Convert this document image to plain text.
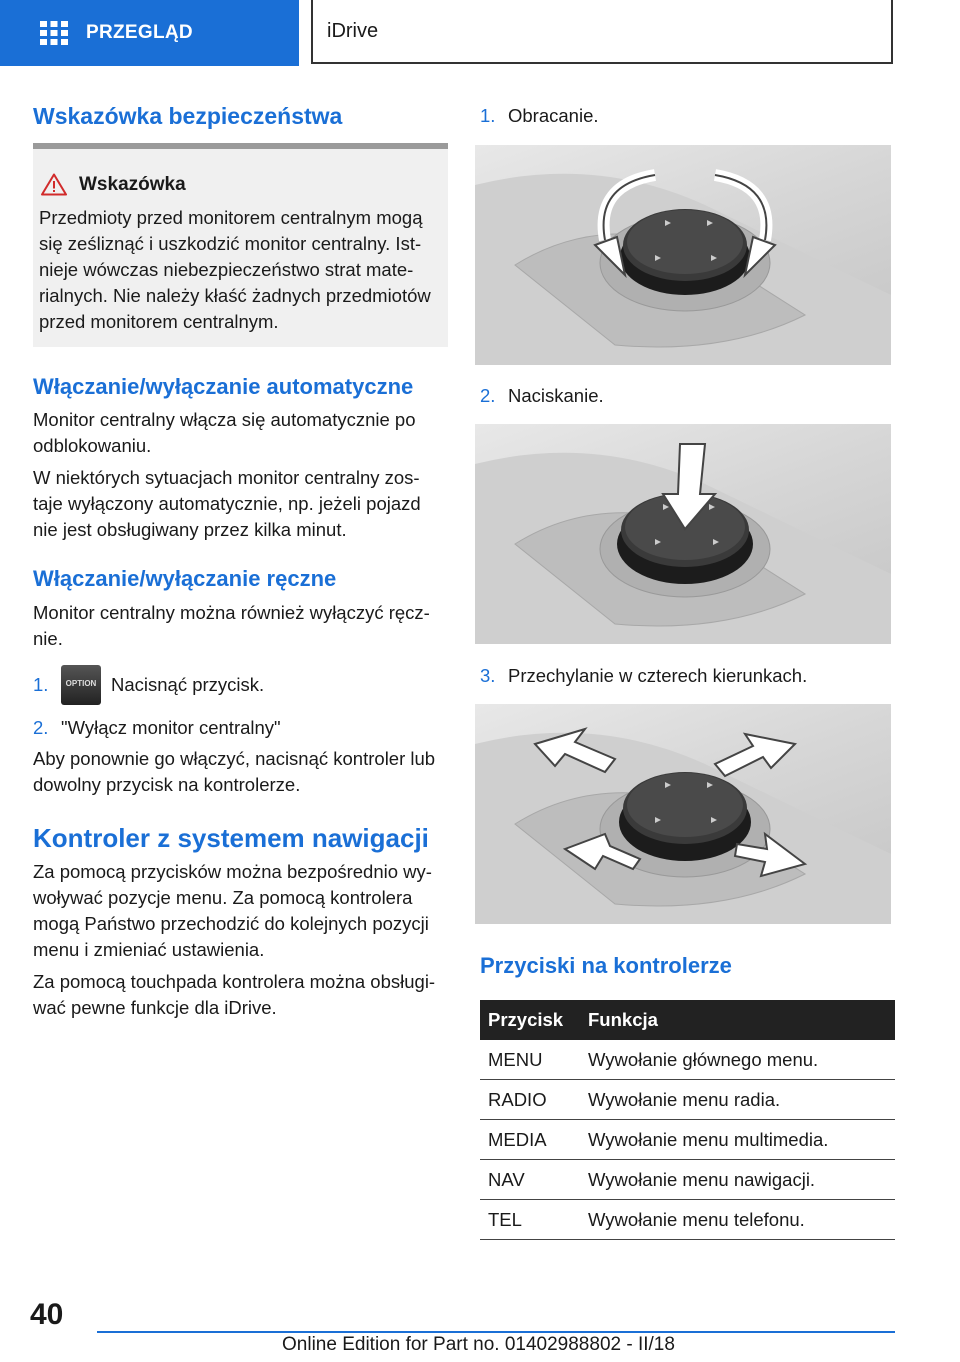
PRZEGLĄD	iDrive
Wskazówka bezpieczeństwa
Wskazówka
Przedmioty przed monitorem centralnym mogą się ześliznąć i uszkodzić monitor centralny. Ist‐nieje wówczas niebezpieczeństwo strat mate‐rialnych. Nie należy kłaść żadnych przedmiotów przed monitorem centralnym.
Włączanie/wyłączanie automatyczne

Monitor centralny włącza się automatycznie po odblokowaniu.

W niektórych sytuacjach monitor centralny zos‐taje wyłączony automatycznie, np. jeżeli pojazd nie jest obsługiwany przez kilka minut.

Włączanie/wyłączanie ręczne

Monitor centralny można również wyłączyć ręcz‐nie.

1.	OPTION Nacisnąć przycisk.
2. "Wyłącz monitor centralny"

Aby ponownie go włączyć, nacisnąć kontroler lub dowolny przycisk na kontrolerze.

Kontroler z systemem nawigacji

Za pomocą przycisków można bezpośrednio wy‐woływać pozycje menu. Za pomocą kontrolera mogą Państwo przechodzić do kolejnych pozycji menu i zmieniać ustawienia.

Za pomocą touchpada kontrolera można obsługi‐wać pewne funkcje dla iDrive.

1. Obracanie.
2. Naciskanie.
3. Przechylanie w czterech kierunkach.
Przyciski na kontrolerze
Przycisk	Funkcja
MENU	Wywołanie głównego menu.
RADIO	Wywołanie menu radia.
MEDIA	Wywołanie menu multimedia.
NAV	Wywołanie menu nawigacji.
TEL	Wywołanie menu telefonu.
40
Online Edition for Part no. 01402988802 - II/18
